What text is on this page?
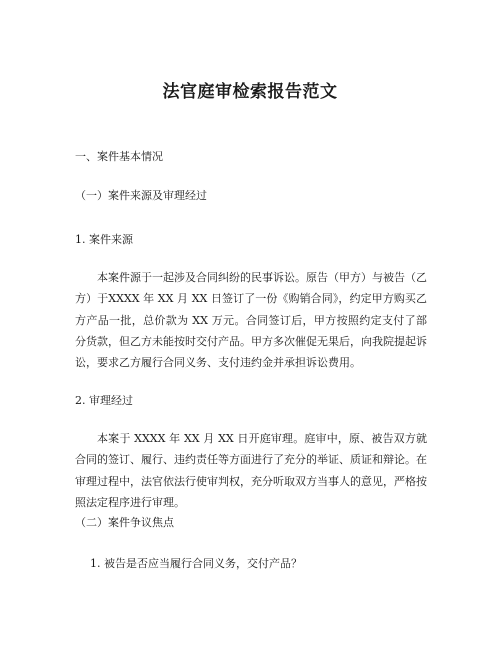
法官庭审检索报告范文
一、案件基本情况
（一）案件来源及审理经过
1. 案件来源
本案件源于一起涉及合同纠纷的民事诉讼。原告（甲方）与被告（乙方）于XXXX 年 XX 月 XX 日签订了一份《购销合同》，约定甲方购买乙方产品一批，总价款为 XX 万元。合同签订后，甲方按照约定支付了部分货款，但乙方未能按时交付产品。甲方多次催促无果后，向我院提起诉讼，要求乙方履行合同义务、支付违约金并承担诉讼费用。
2. 审理经过
本案于 XXXX 年 XX 月 XX 日开庭审理。庭审中，原、被告双方就合同的签订、履行、违约责任等方面进行了充分的举证、质证和辩论。在审理过程中，法官依法行使审判权，充分听取双方当事人的意见，严格按照法定程序进行审理。
（二）案件争议焦点
1. 被告是否应当履行合同义务，交付产品？
